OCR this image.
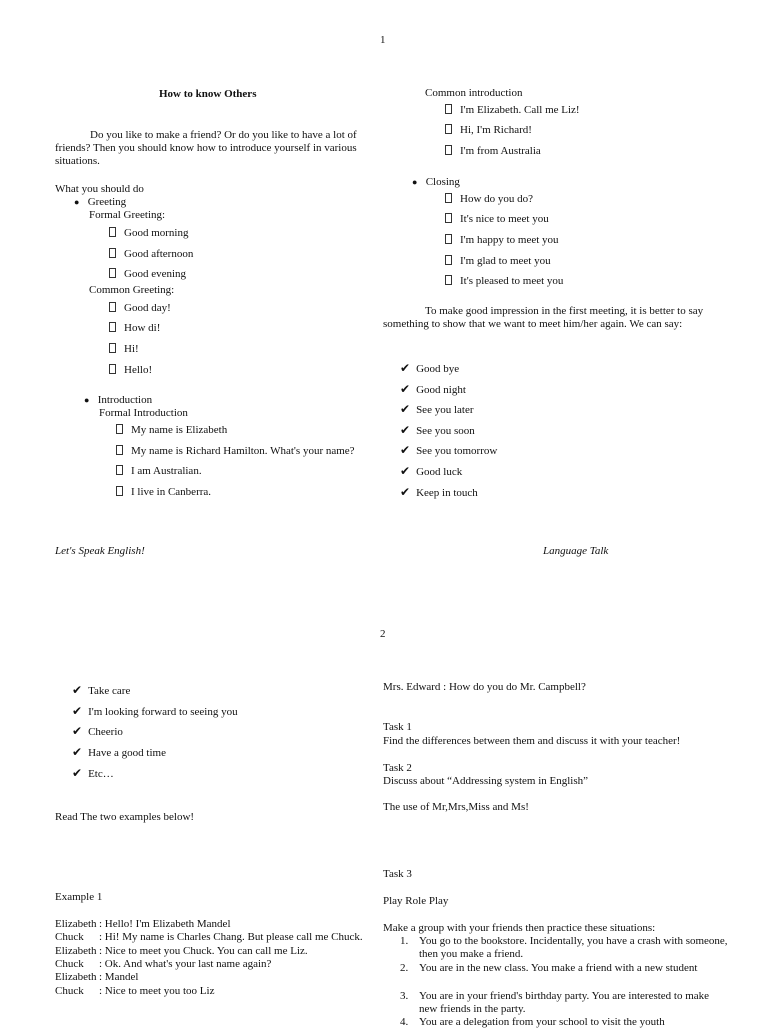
1
How to know Others
Do you like to make a friend? Or do you like to have a lot of friends? Then you should know how to introduce yourself in various situations.
What you should do
● Greeting
Formal Greeting:
Good morning
Good afternoon
Good evening
Common Greeting:
Good day!
How di!
Hi!
Hello!
● Introduction
Formal Introduction
My name is Elizabeth
My name is Richard Hamilton. What's your name?
I am Australian.
I live in Canberra.
Common introduction
I'm Elizabeth. Call me Liz!
Hi, I'm Richard!
I'm from Australia
● Closing
How do you do?
It's nice to meet you
I'm happy to meet you
I'm glad to meet you
It's pleased to meet you
To make good impression in the first meeting, it is better to say something to show that we want to meet him/her again. We can say:
✔ Good bye
✔ Good night
✔ See you later
✔ See you soon
✔ See you tomorrow
✔ Good luck
✔ Keep in touch
Let's Speak English!	Language Talk
2
✔ Take care
✔ I'm looking forward to seeing you
✔ Cheerio
✔ Have a good time
✔ Etc…
Read The two examples below!
Example 1
Elizabeth : Hello! I'm Elizabeth Mandel
Chuck : Hi! My name is Charles Chang. But please call me Chuck.
Elizabeth : Nice to meet you Chuck. You can call me Liz.
Chuck : Ok. And what's your last name again?
Elizabeth : Mandel
Chuck : Nice to meet you too Liz
Mrs. Edward : How do you do Mr. Campbell?
Task 1
Find the differences between them and discuss it with your teacher!
Task 2
Discuss about “Addressing system in English”
The use of Mr,Mrs,Miss and Ms!
Task 3
Play Role Play
Make a group with your friends then practice these situations:
1. You go to the bookstore. Incidentally, you have a crash with someone, then you make a friend.
2. You are in the new class. You make a friend with a new student
3. You are in your friend's birthday party. You are interested to make new friends in the party.
4. You are a delegation from your school to visit the youth
